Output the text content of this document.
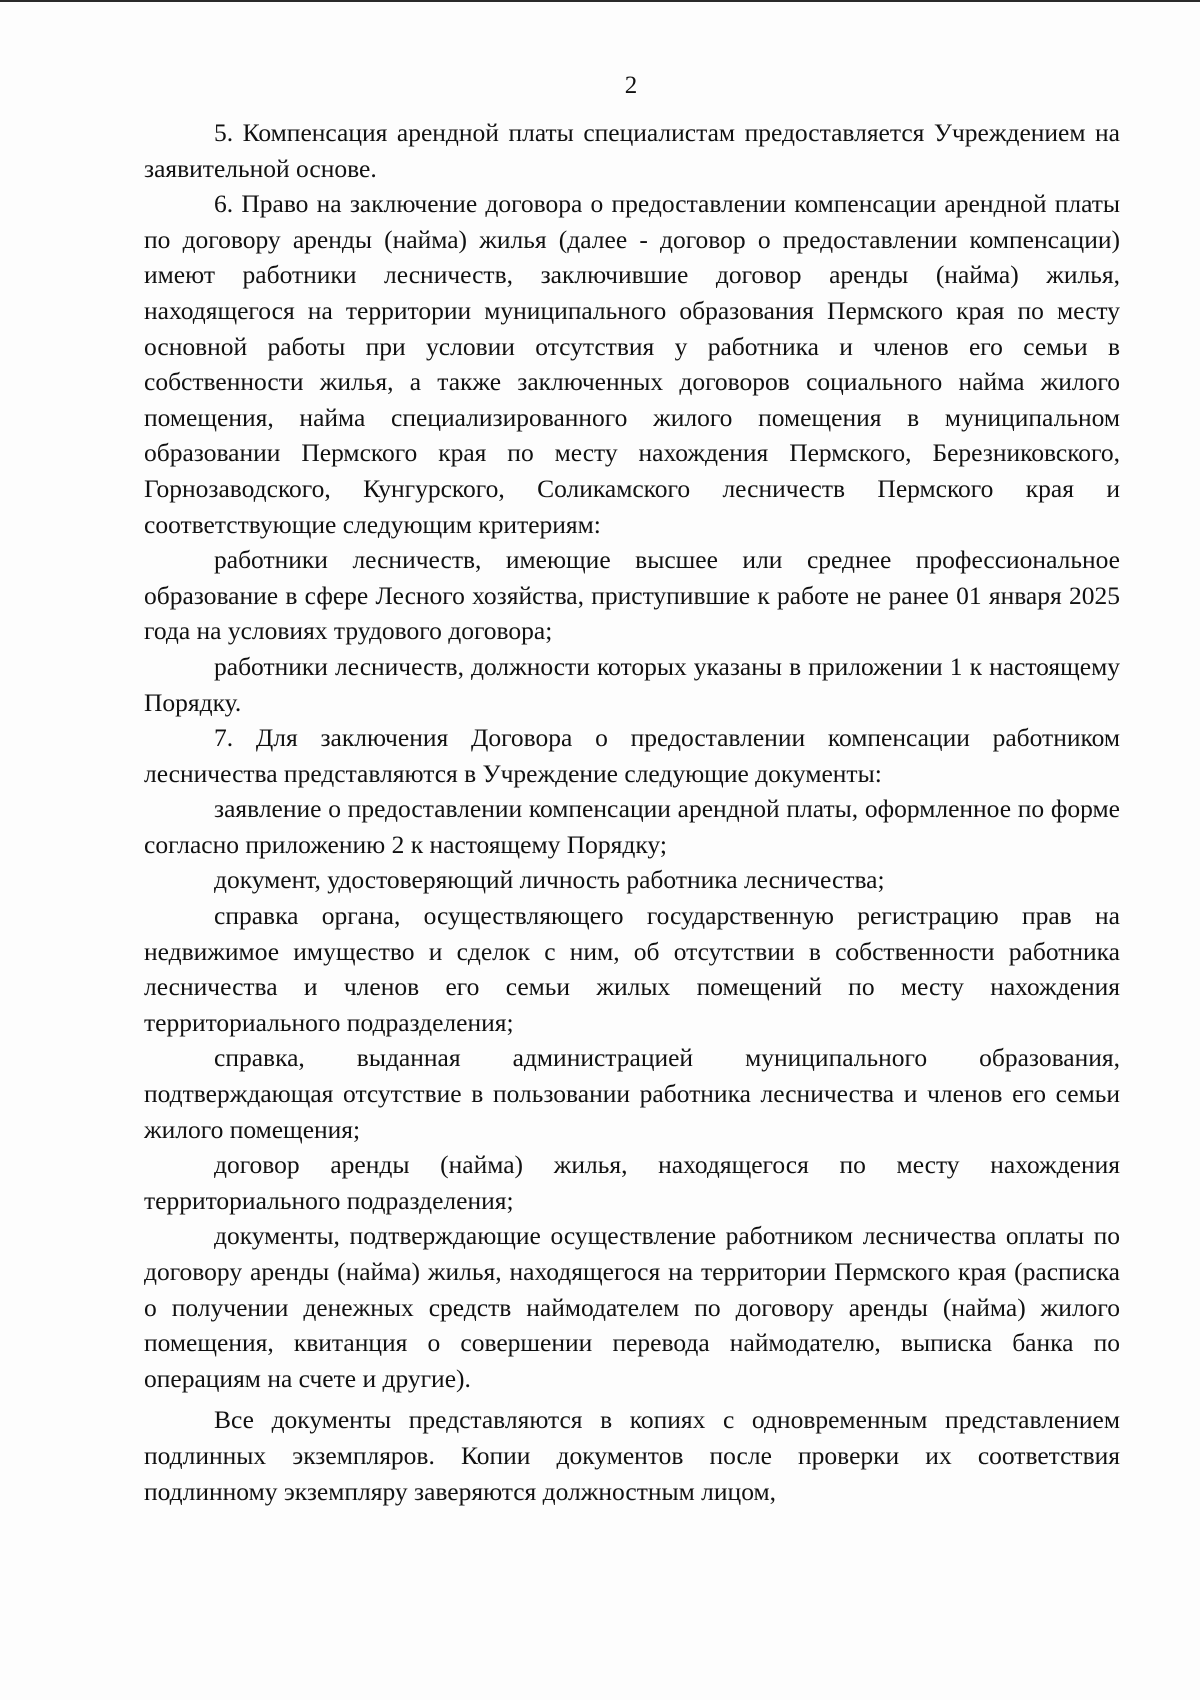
2

5. Компенсация арендной платы специалистам предоставляется Учреждением на заявительной основе.

6. Право на заключение договора о предоставлении компенсации арендной платы по договору аренды (найма) жилья (далее - договор о предоставлении компенсации) имеют работники лесничеств, заключившие договор аренды (найма) жилья, находящегося на территории муниципального образования Пермского края по месту основной работы при условии отсутствия у работника и членов его семьи в собственности жилья, а также заключенных договоров социального найма жилого помещения, найма специализированного жилого помещения в муниципальном образовании Пермского края по месту нахождения Пермского, Березниковского, Горнозаводского, Кунгурского, Соликамского лесничеств Пермского края и соответствующие следующим критериям:

работники лесничеств, имеющие высшее или среднее профессиональное образование в сфере Лесного хозяйства, приступившие к работе не ранее 01 января 2025 года на условиях трудового договора;

работники лесничеств, должности которых указаны в приложении 1 к настоящему Порядку.

7. Для заключения Договора о предоставлении компенсации работником лесничества представляются в Учреждение следующие документы:

заявление о предоставлении компенсации арендной платы, оформленное по форме согласно приложению 2 к настоящему Порядку;

документ, удостоверяющий личность работника лесничества;

справка органа, осуществляющего государственную регистрацию прав на недвижимое имущество и сделок с ним, об отсутствии в собственности работника лесничества и членов его семьи жилых помещений по месту нахождения территориального подразделения;

справка, выданная администрацией муниципального образования, подтверждающая отсутствие в пользовании работника лесничества и членов его семьи жилого помещения;

договор аренды (найма) жилья, находящегося по месту нахождения территориального подразделения;

документы, подтверждающие осуществление работником лесничества оплаты по договору аренды (найма) жилья, находящегося на территории Пермского края (расписка о получении денежных средств наймодателем по договору аренды (найма) жилого помещения, квитанция о совершении перевода наймодателю, выписка банка по операциям на счете и другие).

Все документы представляются в копиях с одновременным представлением подлинных экземпляров. Копии документов после проверки их соответствия подлинному экземпляру заверяются должностным лицом,
